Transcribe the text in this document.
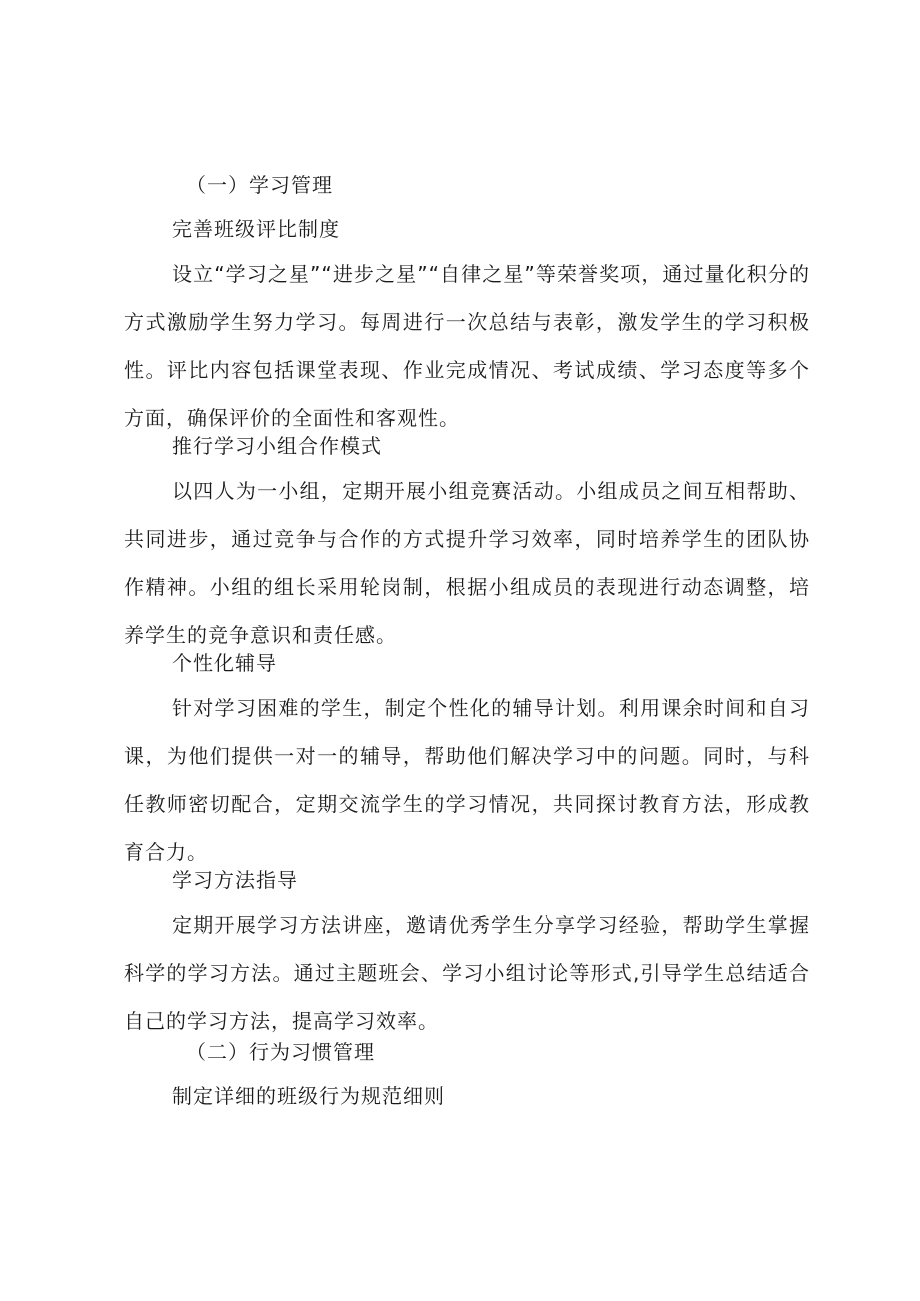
（一）学习管理
完善班级评比制度
设立“学习之星”“进步之星”“自律之星”等荣誉奖项，通过量化积分的方式激励学生努力学习。每周进行一次总结与表彰，激发学生的学习积极性。评比内容包括课堂表现、作业完成情况、考试成绩、学习态度等多个方面，确保评价的全面性和客观性。
推行学习小组合作模式
以四人为一小组，定期开展小组竞赛活动。小组成员之间互相帮助、共同进步，通过竞争与合作的方式提升学习效率，同时培养学生的团队协作精神。小组的组长采用轮岗制，根据小组成员的表现进行动态调整，培养学生的竞争意识和责任感。
个性化辅导
针对学习困难的学生，制定个性化的辅导计划。利用课余时间和自习课，为他们提供一对一的辅导，帮助他们解决学习中的问题。同时，与科任教师密切配合，定期交流学生的学习情况，共同探讨教育方法，形成教育合力。
学习方法指导
定期开展学习方法讲座，邀请优秀学生分享学习经验，帮助学生掌握科学的学习方法。通过主题班会、学习小组讨论等形式,引导学生总结适合自己的学习方法，提高学习效率。
（二）行为习惯管理
制定详细的班级行为规范细则
